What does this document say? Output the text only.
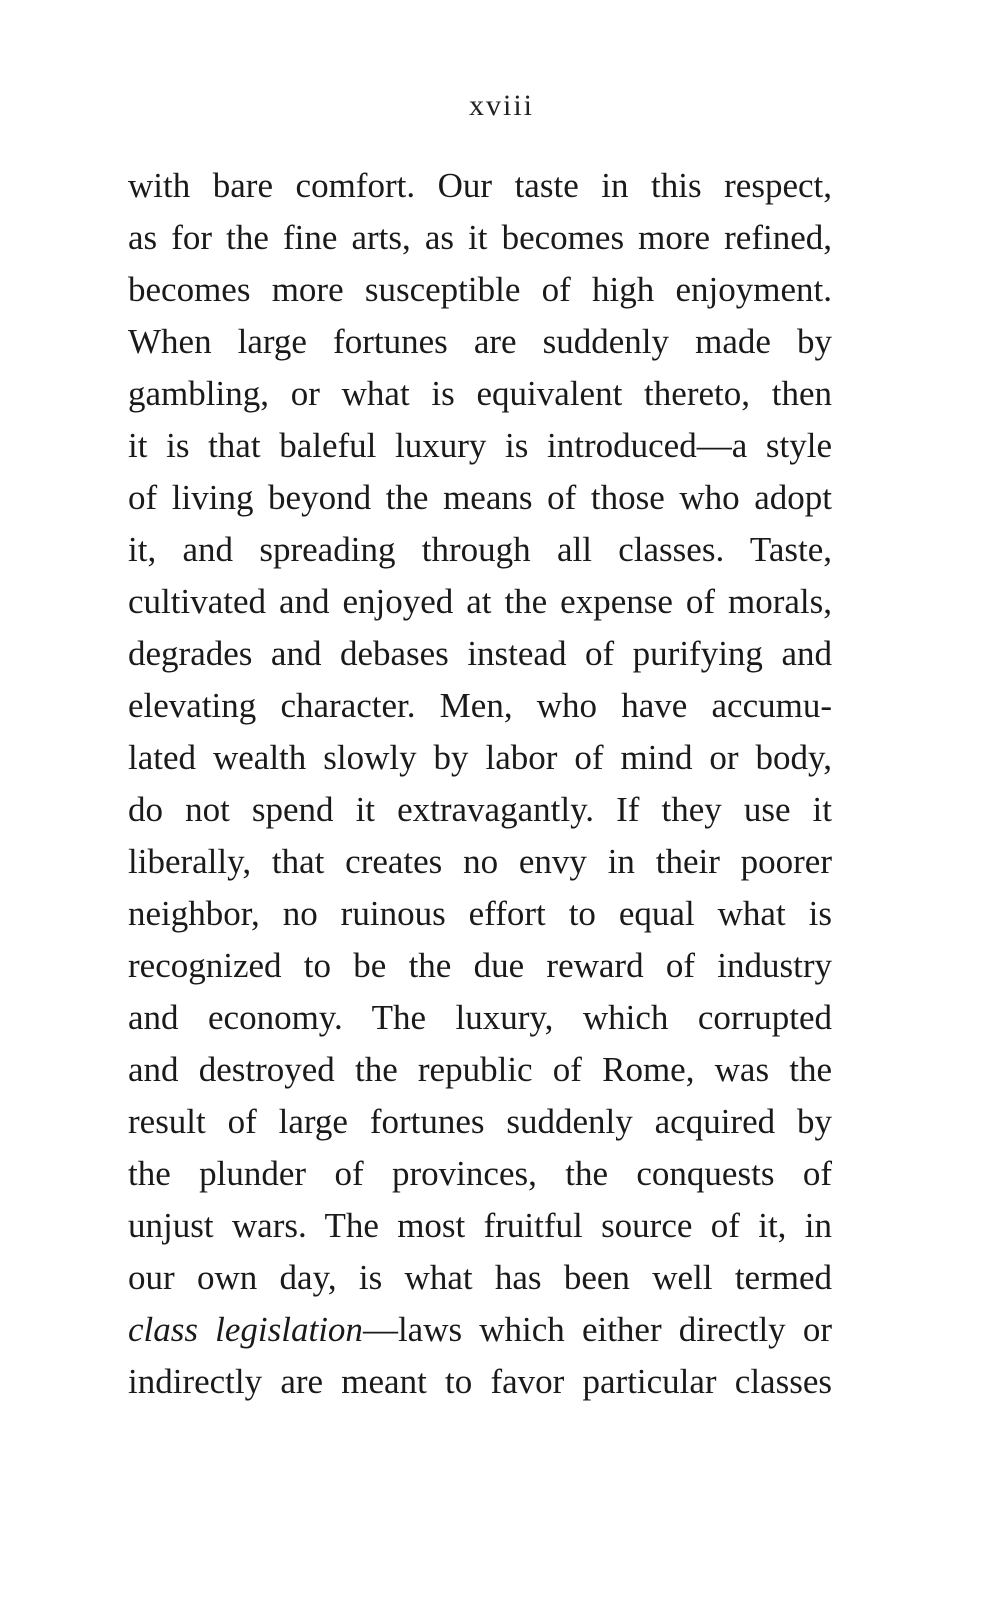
xviii
with bare comfort. Our taste in this respect,
as for the fine arts, as it becomes more refined,
becomes more susceptible of high enjoyment.
When large fortunes are suddenly made by
gambling, or what is equivalent thereto, then
it is that baleful luxury is introduced—a style
of living beyond the means of those who adopt
it, and spreading through all classes. Taste,
cultivated and enjoyed at the expense of morals,
degrades and debases instead of purifying and
elevating character. Men, who have accumu-
lated wealth slowly by labor of mind or body,
do not spend it extravagantly. If they use it
liberally, that creates no envy in their poorer
neighbor, no ruinous effort to equal what is
recognized to be the due reward of industry
and economy. The luxury, which corrupted
and destroyed the republic of Rome, was the
result of large fortunes suddenly acquired by
the plunder of provinces, the conquests of
unjust wars. The most fruitful source of it, in
our own day, is what has been well termed
class legislation—laws which either directly or
indirectly are meant to favor particular classes
